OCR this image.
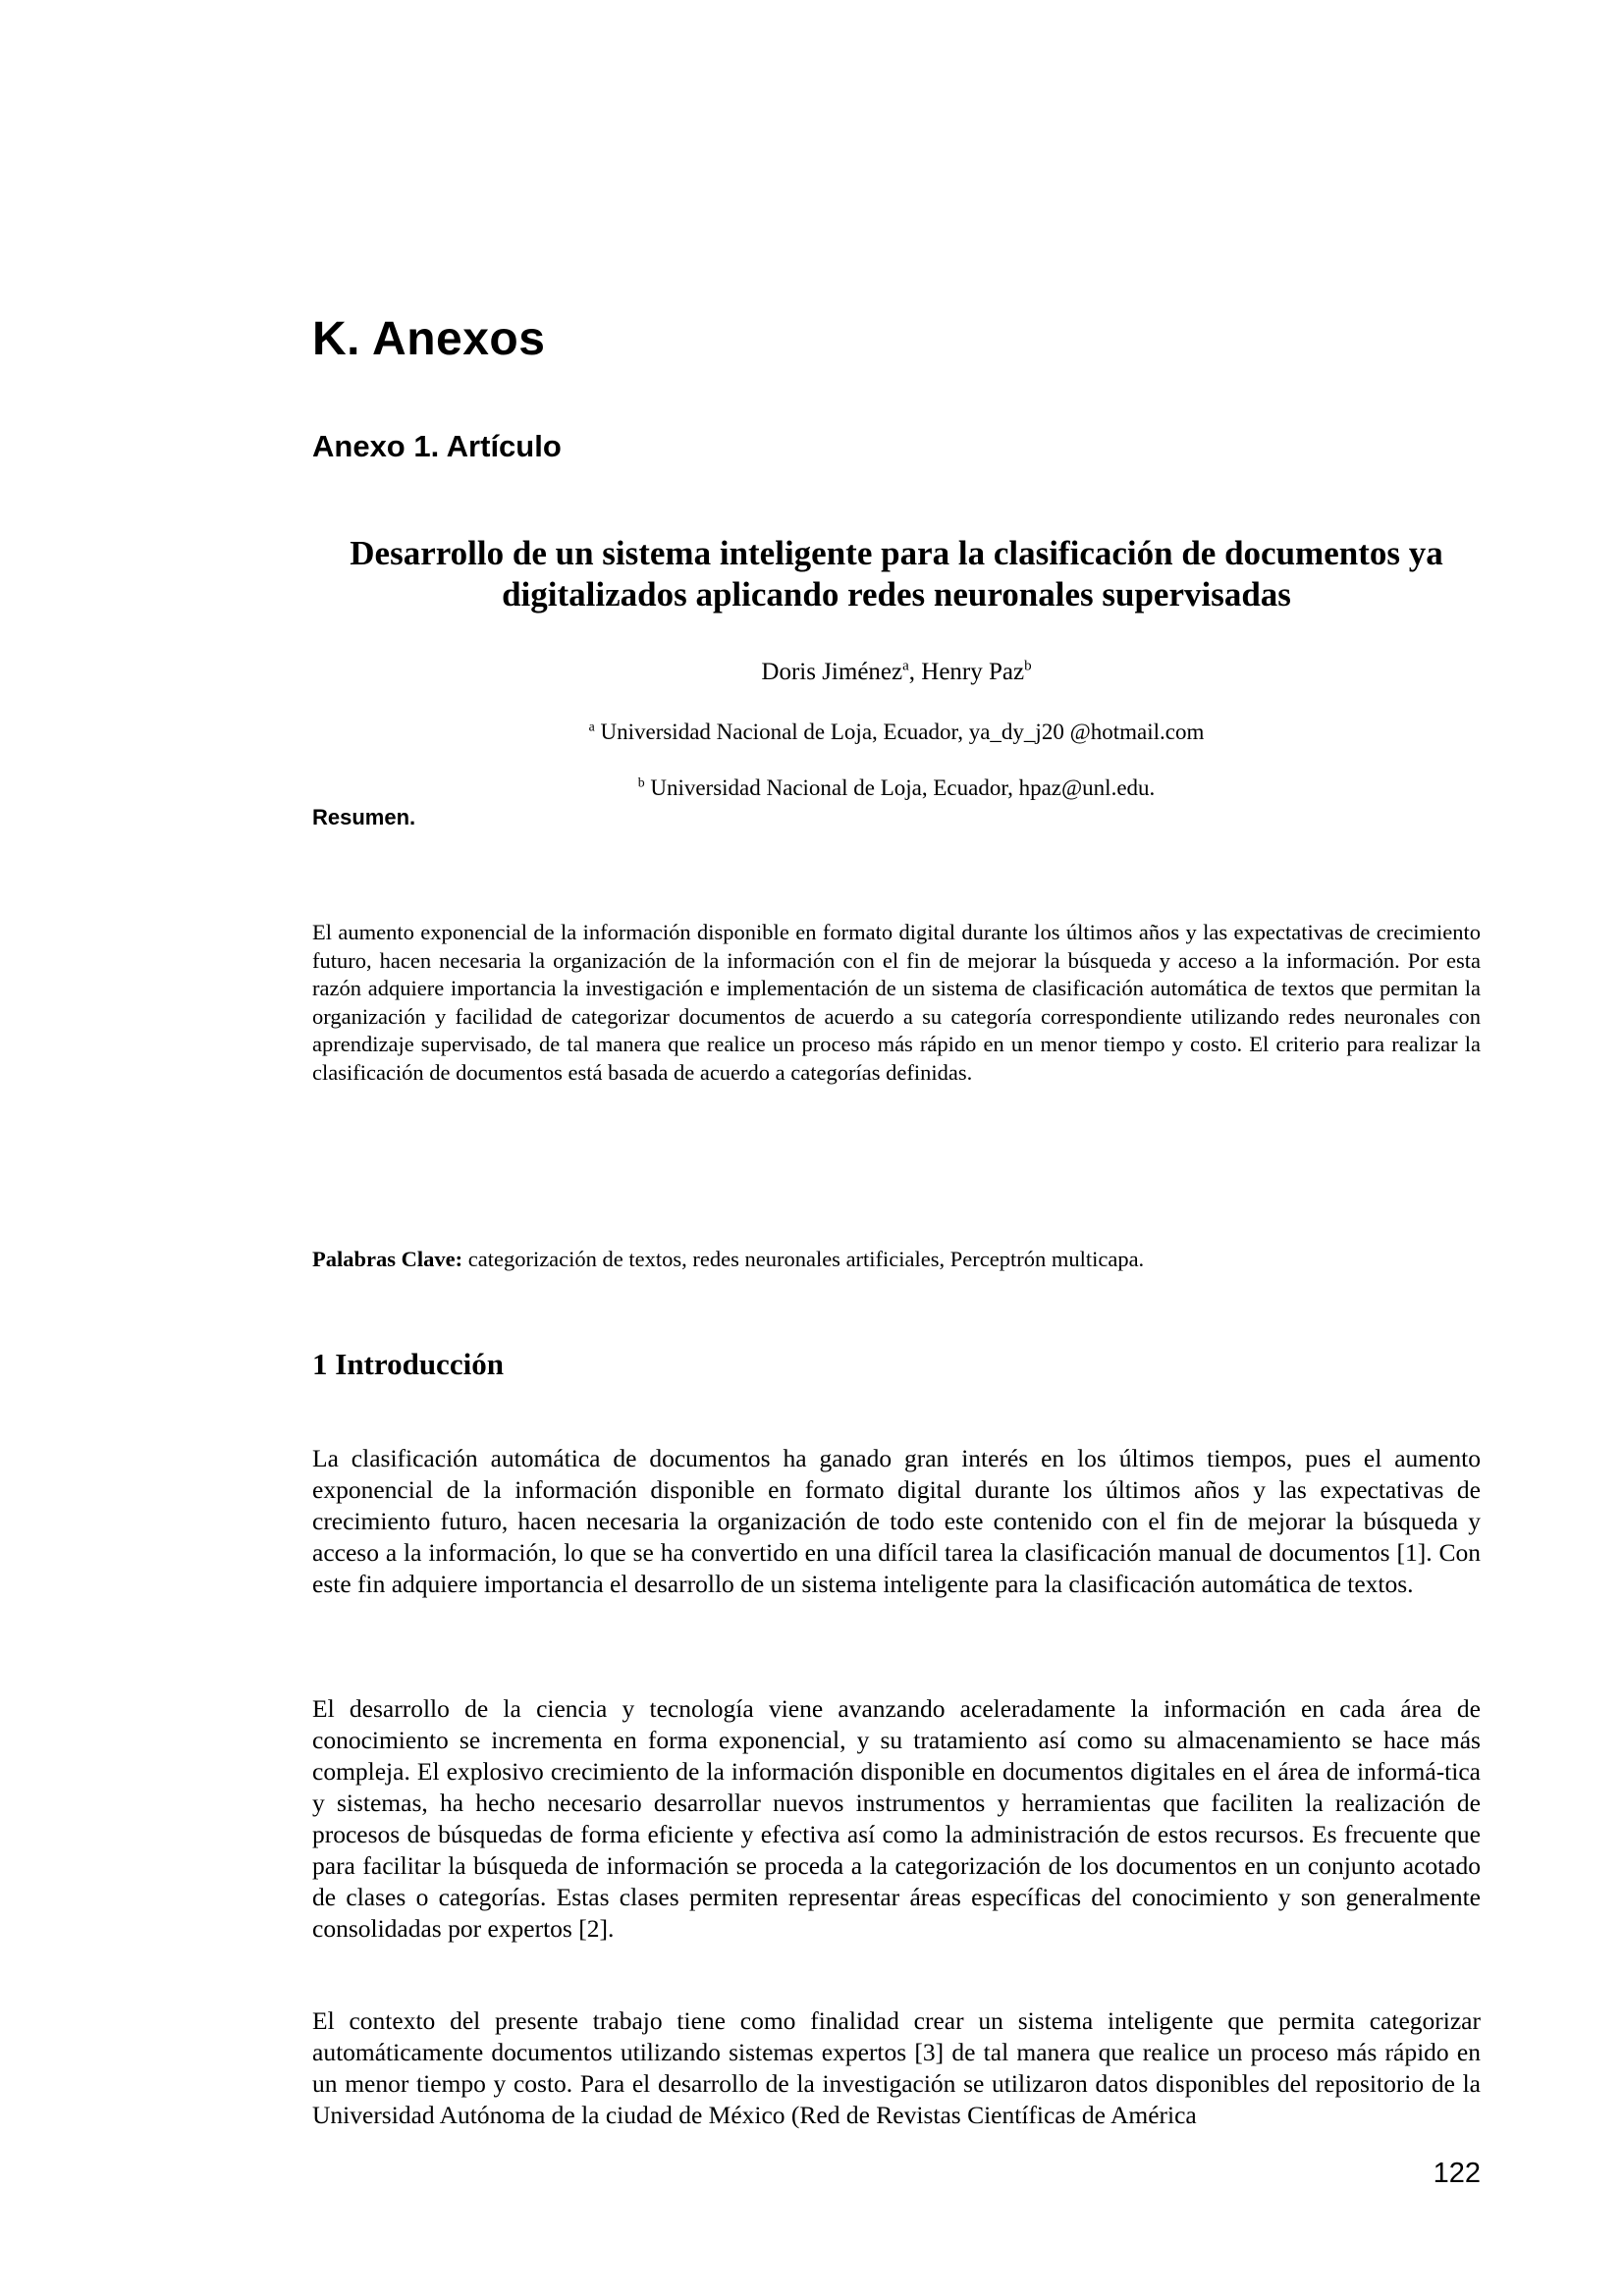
K. Anexos
Anexo 1. Artículo
Desarrollo de un sistema inteligente para la clasificación de documentos ya digitalizados aplicando redes neuronales supervisadas
Doris Jiménez$^a$, Henry Paz$^b$
$^a$ Universidad Nacional de Loja, Ecuador, ya_dy_j20 @hotmail.com
$^b$ Universidad Nacional de Loja, Ecuador, hpaz@unl.edu.
Resumen.
El aumento exponencial de la información disponible en formato digital durante los últimos años y las expectativas de crecimiento futuro, hacen necesaria la organización de la información con el fin de mejorar la búsqueda y acceso a la información. Por esta razón adquiere importancia la investigación e implementación de un sistema de clasificación automática de textos que permitan la organización y facilidad de categorizar documentos de acuerdo a su categoría correspondiente utilizando redes neuronales con aprendizaje supervisado, de tal manera que realice un proceso más rápido en un menor tiempo y costo. El criterio para realizar la clasificación de documentos está basada de acuerdo a categorías definidas.
Palabras Clave: categorización de textos, redes neuronales artificiales, Perceptrón multicapa.
1 Introducción
La clasificación automática de documentos ha ganado gran interés en los últimos tiempos, pues el aumento exponencial de la información disponible en formato digital durante los últimos años y las expectativas de crecimiento futuro, hacen necesaria la organización de todo este contenido con el fin de mejorar la búsqueda y acceso a la información, lo que se ha convertido en una difícil tarea la clasificación manual de documentos [1]. Con este fin adquiere importancia el desarrollo de un sistema inteligente para la clasificación automática de textos.
El desarrollo de la ciencia y tecnología viene avanzando aceleradamente la información en cada área de conocimiento se incrementa en forma exponencial, y su tratamiento así como su almacenamiento se hace más compleja. El explosivo crecimiento de la información disponible en documentos digitales en el área de informá-tica y sistemas, ha hecho necesario desarrollar nuevos instrumentos y herramientas que faciliten la realización de procesos de búsquedas de forma eficiente y efectiva así como la administración de estos recursos. Es frecuente que para facilitar la búsqueda de información se proceda a la categorización de los documentos en un conjunto acotado de clases o categorías. Estas clases permiten representar áreas específicas del conocimiento y son generalmente consolidadas por expertos [2].
El contexto del presente trabajo tiene como finalidad crear un sistema inteligente que permita categorizar automáticamente documentos utilizando sistemas expertos [3] de tal manera que realice un proceso más rápido en un menor tiempo y costo. Para el desarrollo de la investigación se utilizaron datos disponibles del repositorio de la Universidad Autónoma de la ciudad de México (Red de Revistas Científicas de América
122
